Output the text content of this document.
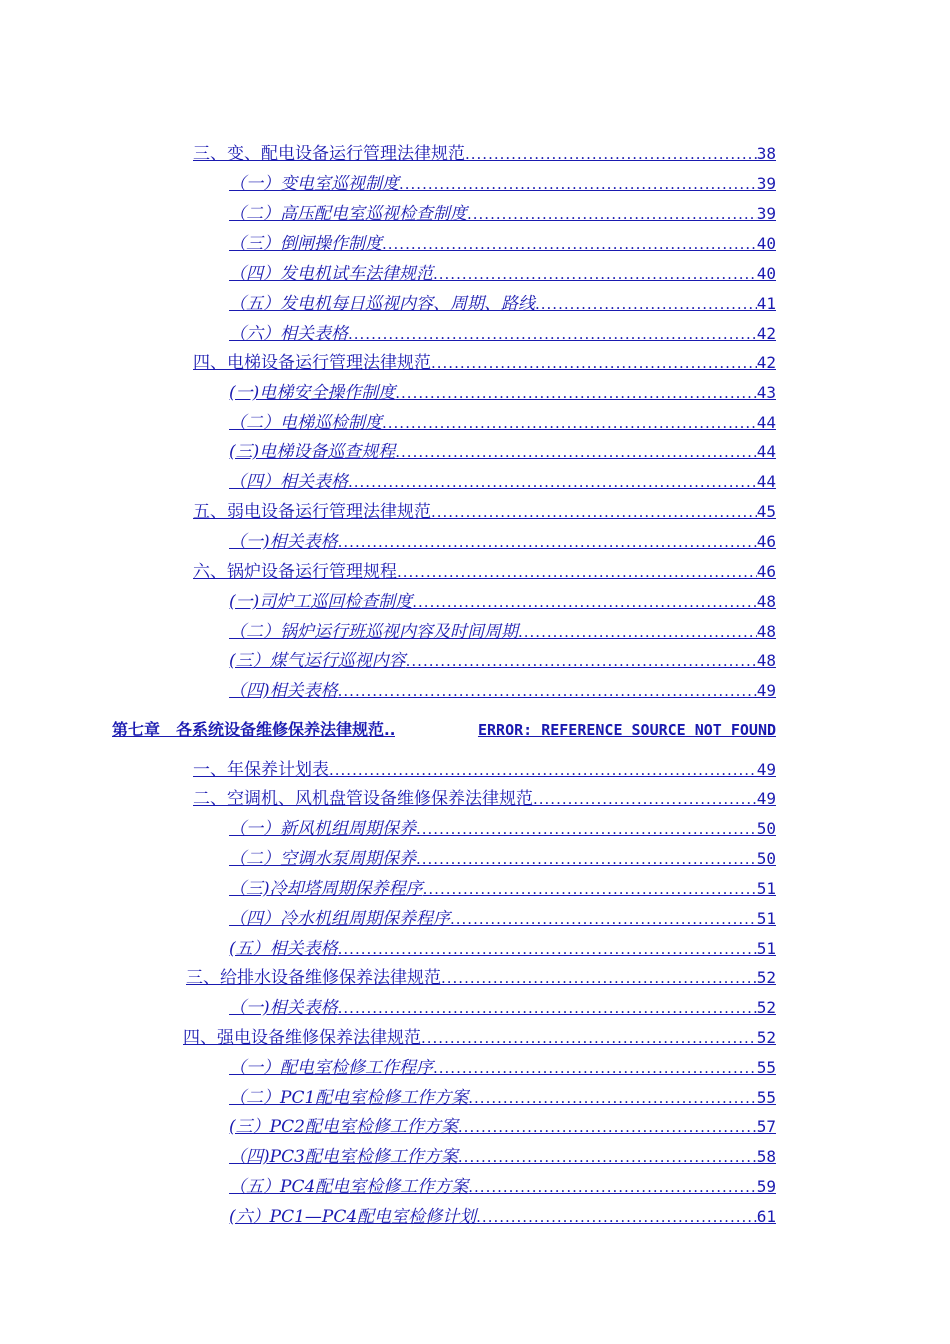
三、变、配电设备运行管理法律规范 .....	38
（一）变电室巡视制度 .....	39
（二）高压配电室巡视检查制度 .....	39
（三）倒闸操作制度 .....	40
（四）发电机试车法律规范 .....	40
（五）发电机每日巡视内容、周期、路线 .....	41
（六）相关表格 .....	42
四、电梯设备运行管理法律规范 .....	42
(一)电梯安全操作制度 .....	43
（二）电梯巡检制度 .....	44
(三)电梯设备巡查规程 .....	44
（四）相关表格 .....	44
五、弱电设备运行管理法律规范 .....	45
（一)相关表格 .....	46
六、锅炉设备运行管理规程 .....	46
(一)司炉工巡回检查制度 .....	48
（二）锅炉运行班巡视内容及时间周期 .....	48
(三）煤气运行巡视内容 .....	48
（四)相关表格 .....	49
第七章　各系统设备维修保养法律规范 ..	ERROR: REFERENCE SOURCE NOT FOUND
一、年保养计划表 .....	49
二、空调机、风机盘管设备维修保养法律规范 .....	49
（一）新风机组周期保养 .....	50
（二）空调水泵周期保养 .....	50
（三)冷却塔周期保养程序 .....	51
（四）冷水机组周期保养程序 .....	51
(五）相关表格 .....	51
三、给排水设备维修保养法律规范 .....	52
（一)相关表格 .....	52
四、强电设备维修保养法律规范 .....	52
（一）配电室检修工作程序 .....	55
（二）PC1配电室检修工作方案 .....	55
(三）PC2配电室检修工作方案 .....	57
（四)PC3配电室检修工作方案 .....	58
（五）PC4配电室检修工作方案 .....	59
(六）PC1—PC4配电室检修计划 .....	61
